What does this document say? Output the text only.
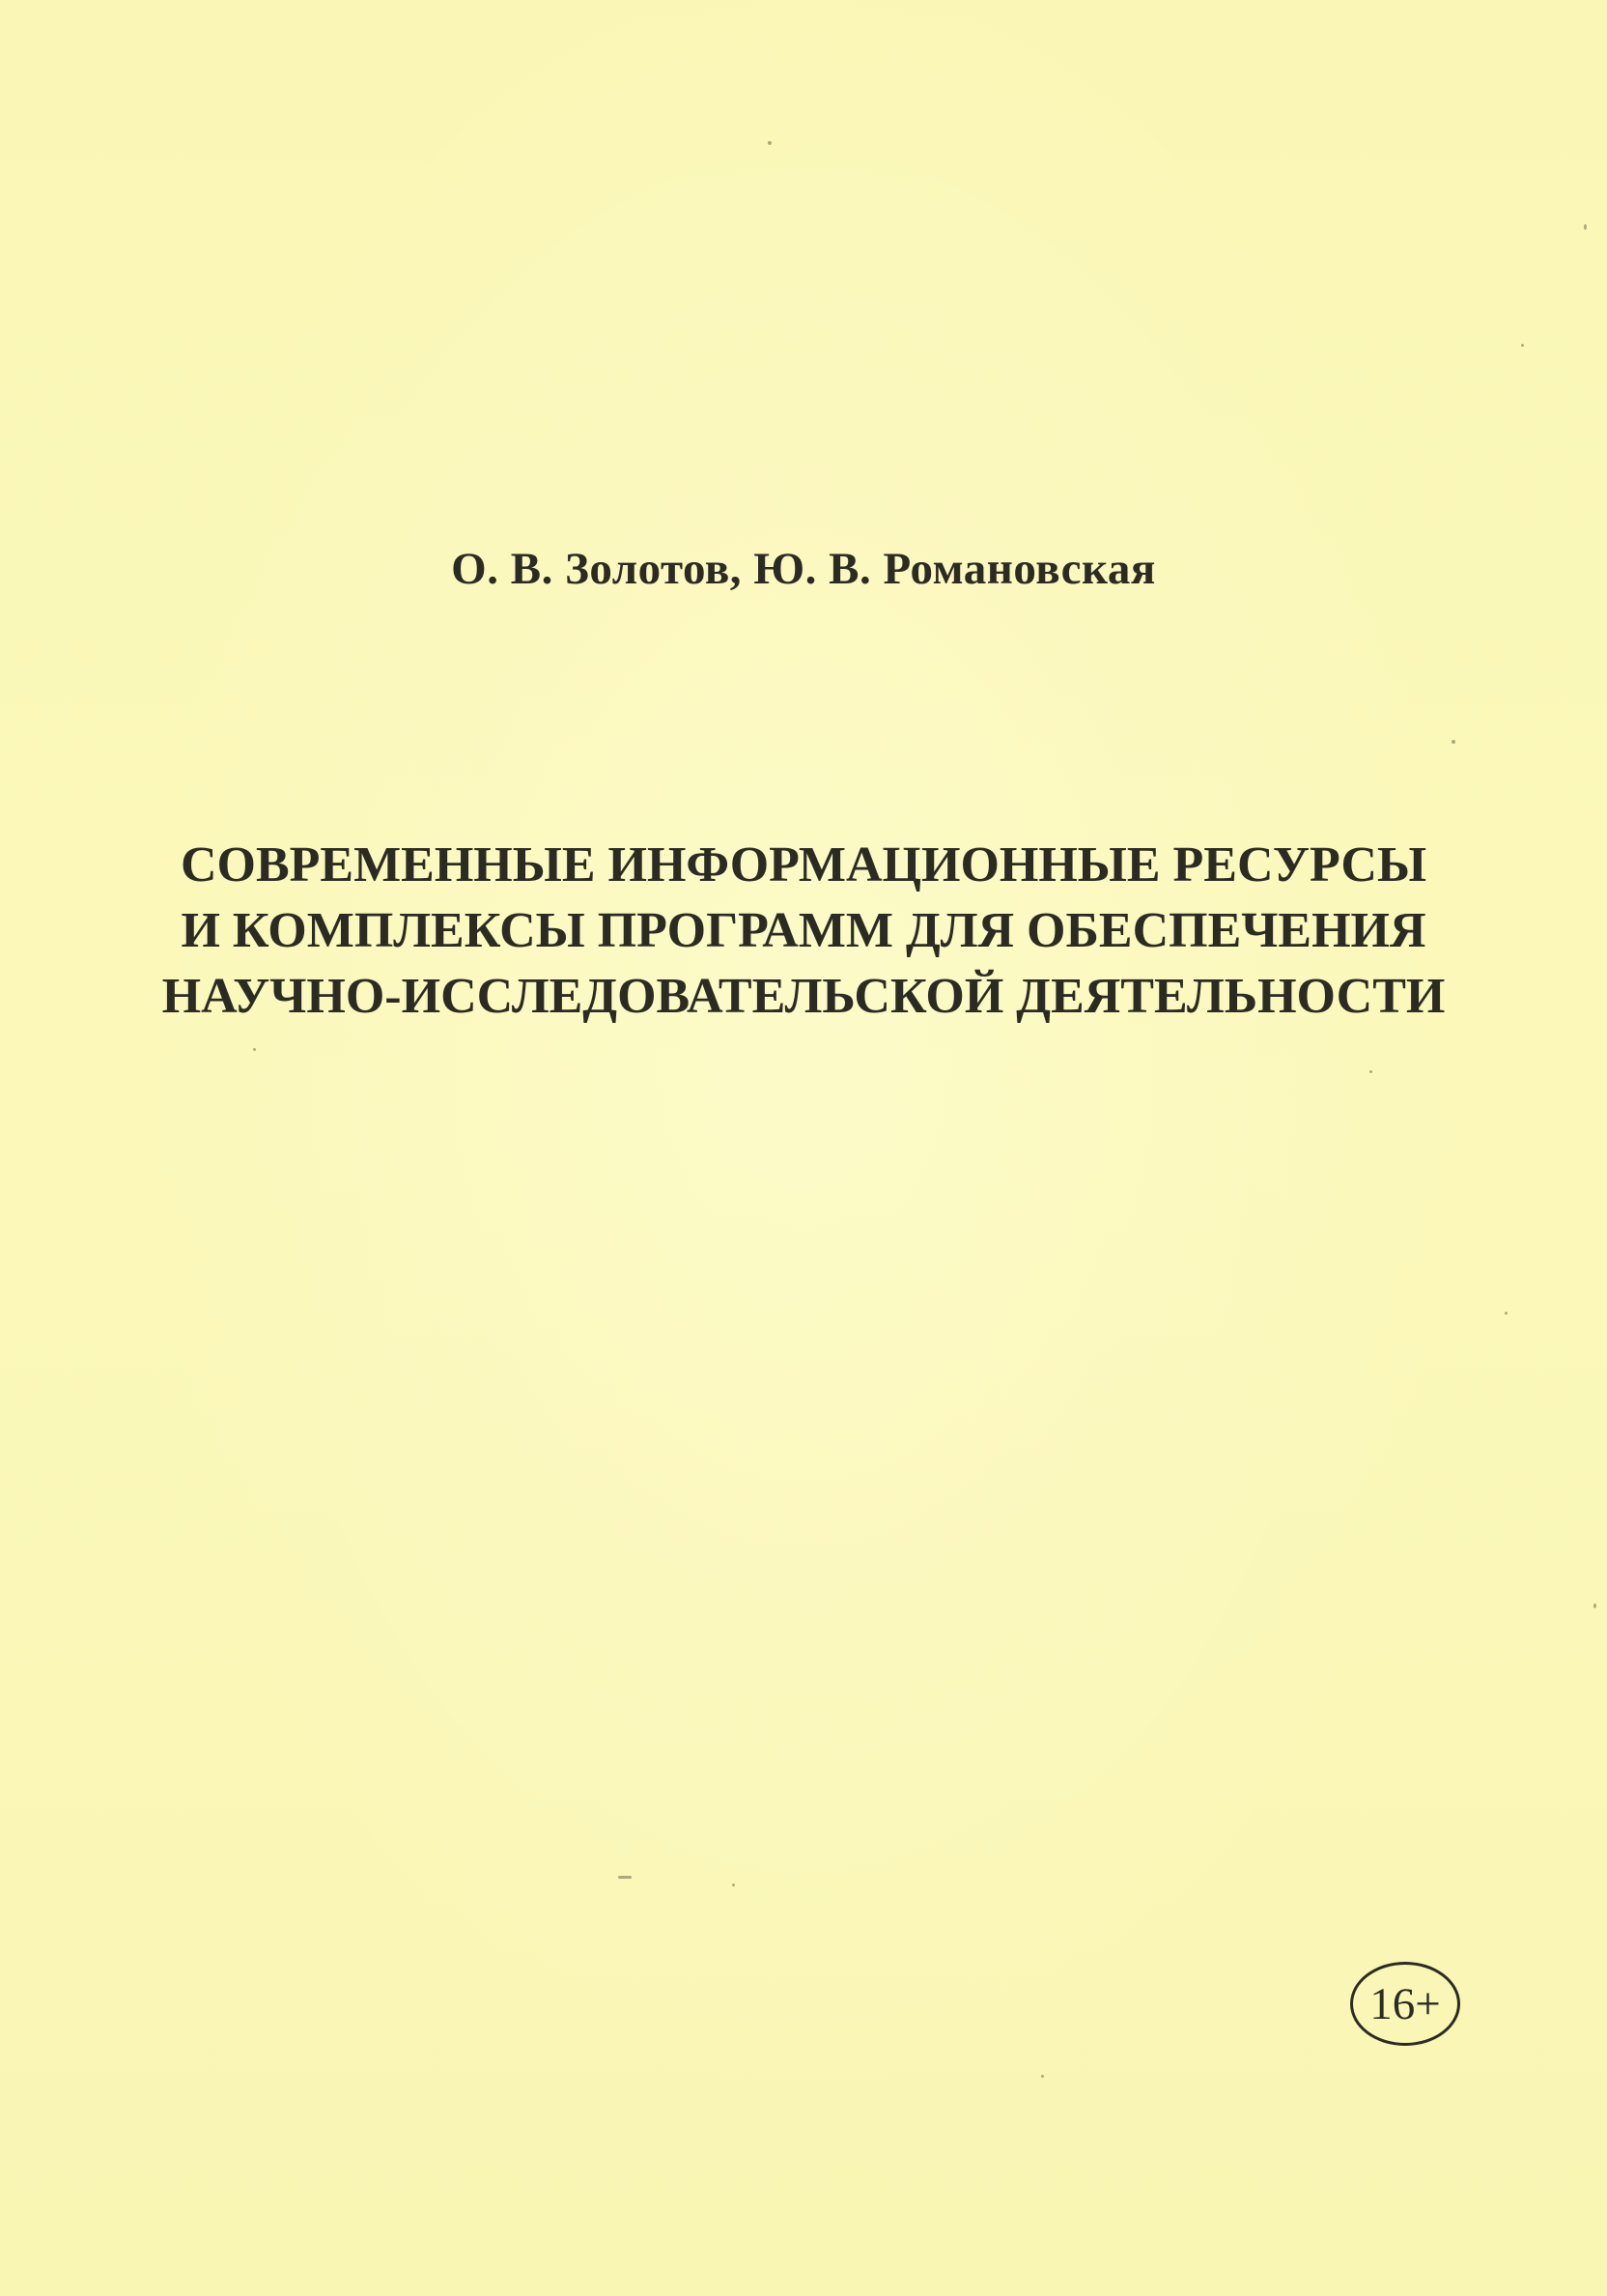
О. В. Золотов, Ю. В. Романовская
СОВРЕМЕННЫЕ ИНФОРМАЦИОННЫЕ РЕСУРСЫ
И КОМПЛЕКСЫ ПРОГРАММ ДЛЯ ОБЕСПЕЧЕНИЯ
НАУЧНО-ИССЛЕДОВАТЕЛЬСКОЙ ДЕЯТЕЛЬНОСТИ
16+
